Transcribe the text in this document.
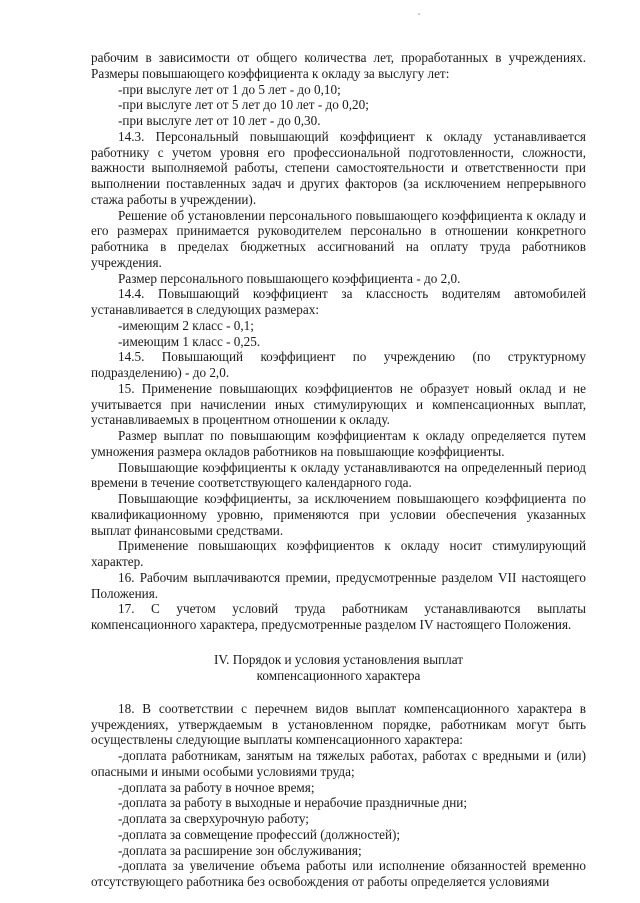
рабочим в зависимости от общего количества лет, проработанных в учреждениях. Размеры повышающего коэффициента к окладу за выслугу лет:

-при выслуге лет от 1 до 5 лет - до 0,10;

-при выслуге лет от 5 лет до 10 лет - до 0,20;

-при выслуге лет от 10 лет - до 0,30.

14.3. Персональный повышающий коэффициент к окладу устанавливается работнику с учетом уровня его профессиональной подготовленности, сложности, важности выполняемой работы, степени самостоятельности и ответственности при выполнении поставленных задач и других факторов (за исключением непрерывного стажа работы в учреждении).

Решение об установлении персонального повышающего коэффициента к окладу и его размерах принимается руководителем персонально в отношении конкретного работника в пределах бюджетных ассигнований на оплату труда работников учреждения.

Размер персонального повышающего коэффициента - до 2,0.

14.4. Повышающий коэффициент за классность водителям автомобилей устанавливается в следующих размерах:

-имеющим 2 класс - 0,1;

-имеющим 1 класс - 0,25.

14.5. Повышающий коэффициент по учреждению (по структурному подразделению) - до 2,0.

15. Применение повышающих коэффициентов не образует новый оклад и не учитывается при начислении иных стимулирующих и компенсационных выплат, устанавливаемых в процентном отношении к окладу.

Размер выплат по повышающим коэффициентам к окладу определяется путем умножения размера окладов работников на повышающие коэффициенты.

Повышающие коэффициенты к окладу устанавливаются на определенный период времени в течение соответствующего календарного года.

Повышающие коэффициенты, за исключением повышающего коэффициента по квалификационному уровню, применяются при условии обеспечения указанных выплат финансовыми средствами.

Применение повышающих коэффициентов к окладу носит стимулирующий характер.

16. Рабочим выплачиваются премии, предусмотренные разделом VII настоящего Положения.

17. С учетом условий труда работникам устанавливаются выплаты компенсационного характера, предусмотренные разделом IV настоящего Положения.

IV. Порядок и условия установления выплат
компенсационного характера

18. В соответствии с перечнем видов выплат компенсационного характера в учреждениях, утверждаемым в установленном порядке, работникам могут быть осуществлены следующие выплаты компенсационного характера:

-доплата работникам, занятым на тяжелых работах, работах с вредными и (или) опасными и иными особыми условиями труда;

-доплата за работу в ночное время;

-доплата за работу в выходные и нерабочие праздничные дни;

-доплата за сверхурочную работу;

-доплата за совмещение профессий (должностей);

-доплата за расширение зон обслуживания;

-доплата за увеличение объема работы или исполнение обязанностей временно отсутствующего работника без освобождения от работы определяется условиями
